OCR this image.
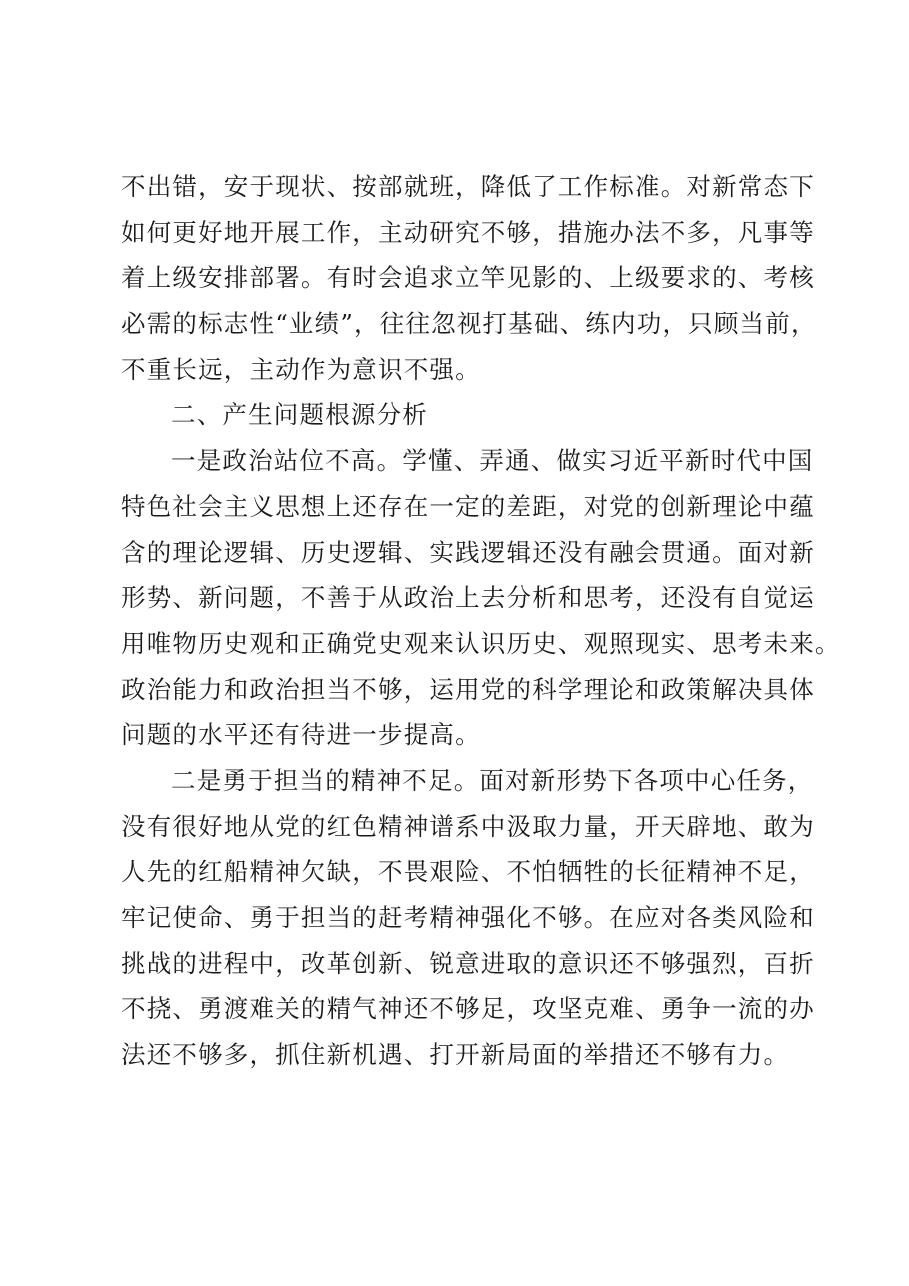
不出错，安于现状、按部就班，降低了工作标准。对新常态下
如何更好地开展工作，主动研究不够，措施办法不多，凡事等
着上级安排部署。有时会追求立竿见影的、上级要求的、考核
必需的标志性“业绩”，往往忽视打基础、练内功，只顾当前，
不重长远，主动作为意识不强。
二、产生问题根源分析
一是政治站位不高。学懂、弄通、做实习近平新时代中国
特色社会主义思想上还存在一定的差距，对党的创新理论中蕴
含的理论逻辑、历史逻辑、实践逻辑还没有融会贯通。面对新
形势、新问题，不善于从政治上去分析和思考，还没有自觉运
用唯物历史观和正确党史观来认识历史、观照现实、思考未来。
政治能力和政治担当不够，运用党的科学理论和政策解决具体
问题的水平还有待进一步提高。
二是勇于担当的精神不足。面对新形势下各项中心任务，
没有很好地从党的红色精神谱系中汲取力量，开天辟地、敢为
人先的红船精神欠缺，不畏艰险、不怕牺牲的长征精神不足，
牢记使命、勇于担当的赶考精神强化不够。在应对各类风险和
挑战的进程中，改革创新、锐意进取的意识还不够强烈，百折
不挠、勇渡难关的精气神还不够足，攻坚克难、勇争一流的办
法还不够多，抓住新机遇、打开新局面的举措还不够有力。
